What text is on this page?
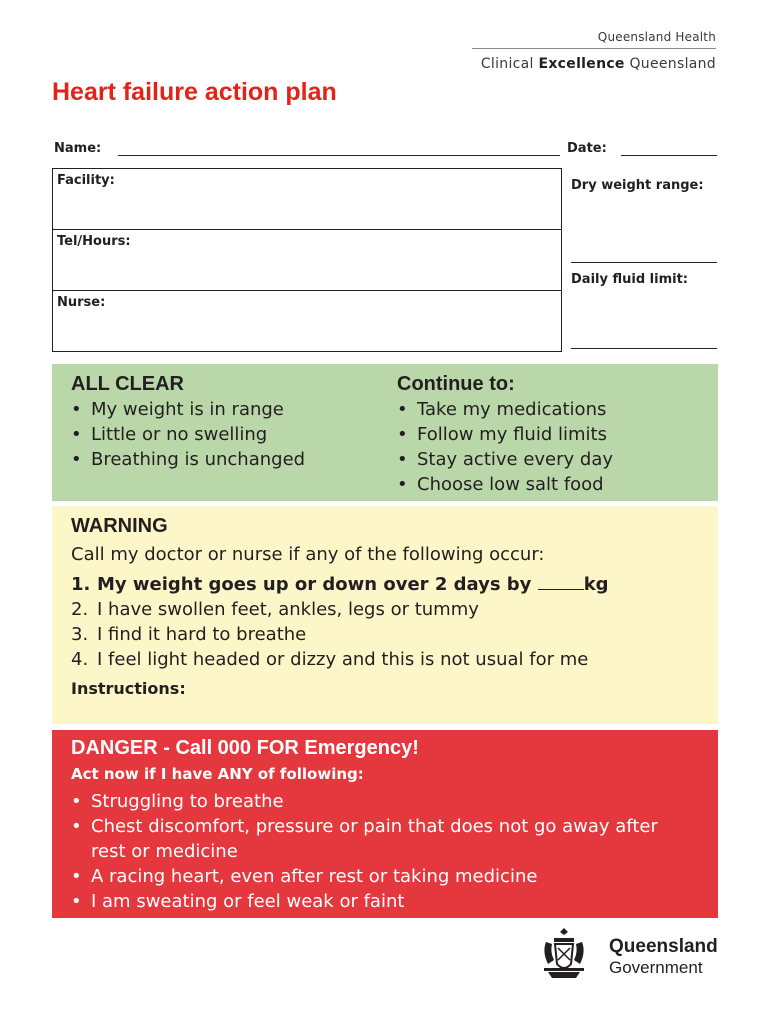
Queensland Health
Clinical Excellence Queensland
Heart failure action plan
Name:	Date:
Facility:
Tel/Hours:
Nurse:
Dry weight range:
Daily fluid limit:
ALL CLEAR
• My weight is in range
• Little or no swelling
• Breathing is unchanged
Continue to:
• Take my medications
• Follow my fluid limits
• Stay active every day
• Choose low salt food
WARNING
Call my doctor or nurse if any of the following occur:
1. My weight goes up or down over 2 days by	kg
2. I have swollen feet, ankles, legs or tummy
3. I find it hard to breathe
4. I feel light headed or dizzy and this is not usual for me
Instructions:
DANGER - Call 000 FOR Emergency!
Act now if I have ANY of following:
• Struggling to breathe
• Chest discomfort, pressure or pain that does not go away after
rest or medicine
• A racing heart, even after rest or taking medicine
• I am sweating or feel weak or faint
Queensland
Government
